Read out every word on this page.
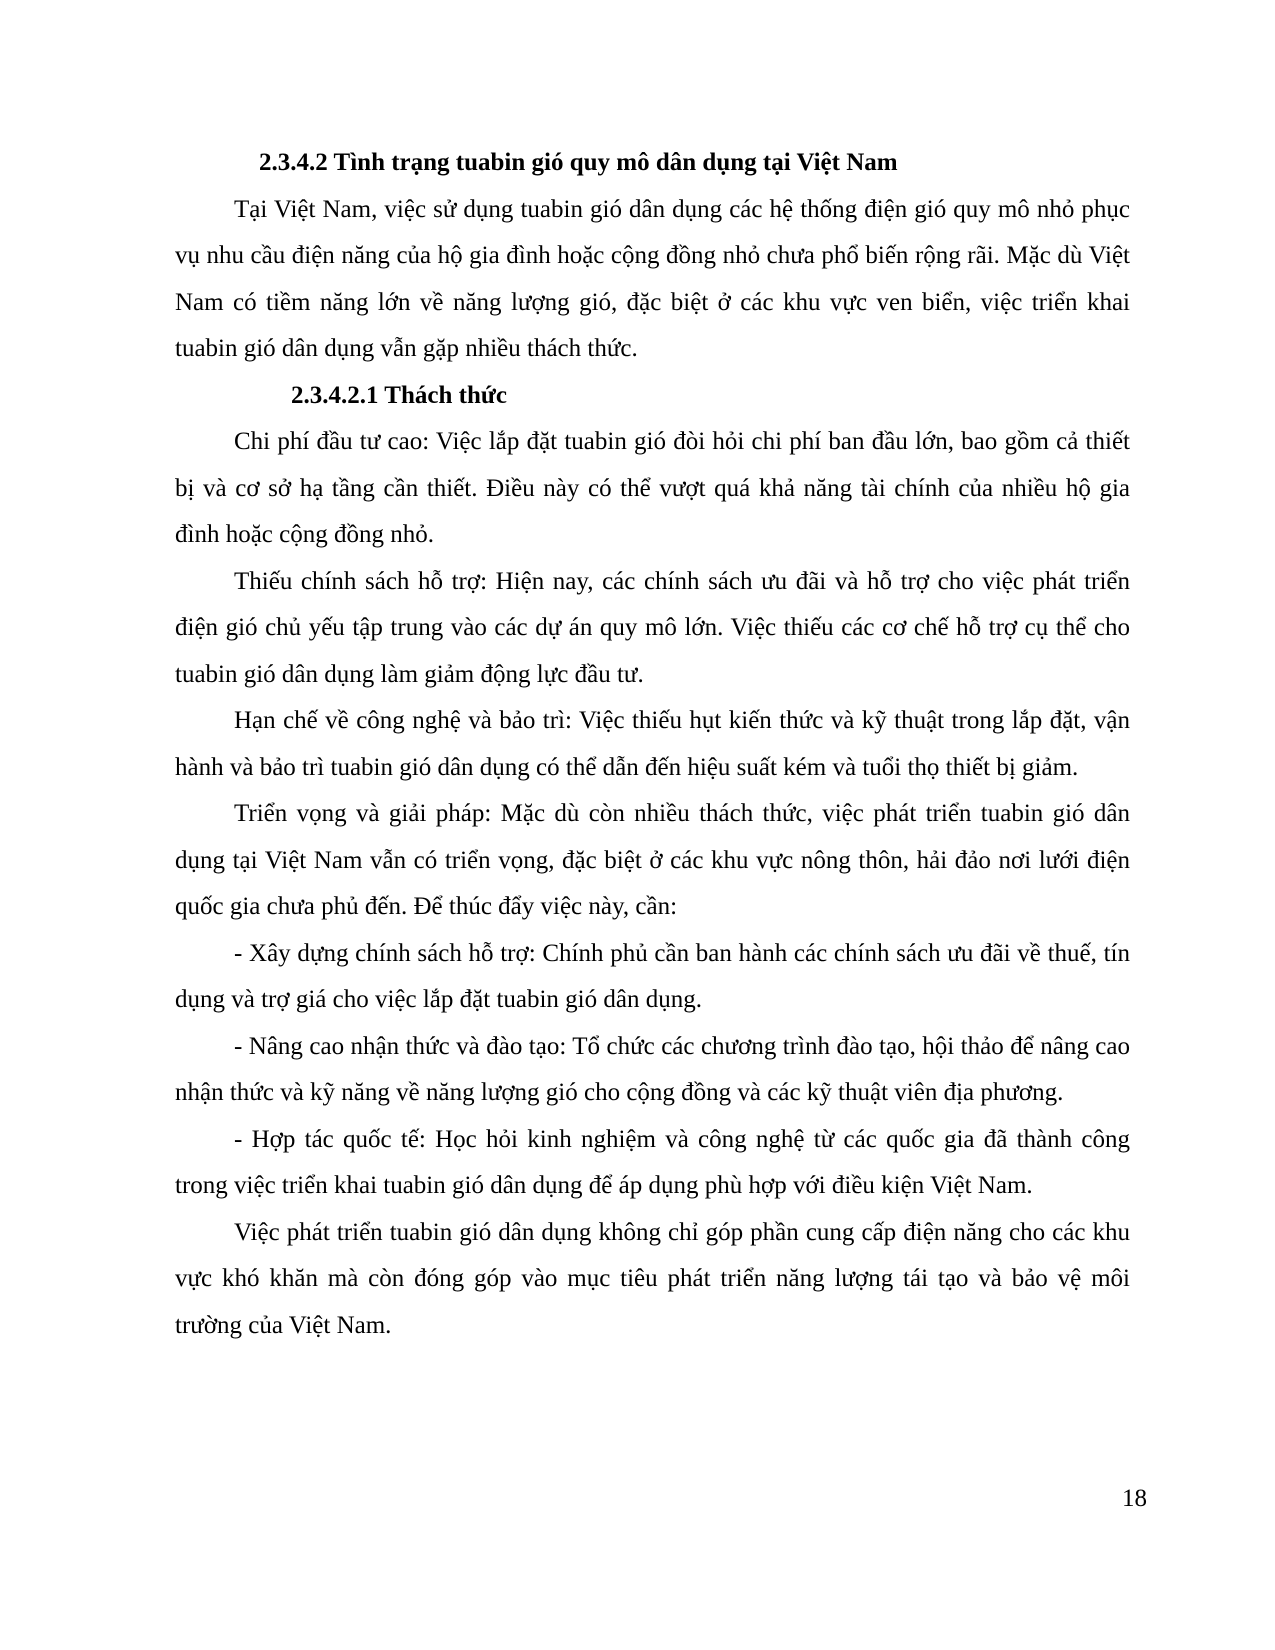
2.3.4.2 Tình trạng tuabin gió quy mô dân dụng tại Việt Nam

Tại Việt Nam, việc sử dụng tuabin gió dân dụng các hệ thống điện gió quy mô nhỏ phục vụ nhu cầu điện năng của hộ gia đình hoặc cộng đồng nhỏ chưa phổ biến rộng rãi. Mặc dù Việt Nam có tiềm năng lớn về năng lượng gió, đặc biệt ở các khu vực ven biển, việc triển khai tuabin gió dân dụng vẫn gặp nhiều thách thức.

2.3.4.2.1 Thách thức

Chi phí đầu tư cao: Việc lắp đặt tuabin gió đòi hỏi chi phí ban đầu lớn, bao gồm cả thiết bị và cơ sở hạ tầng cần thiết. Điều này có thể vượt quá khả năng tài chính của nhiều hộ gia đình hoặc cộng đồng nhỏ.

Thiếu chính sách hỗ trợ: Hiện nay, các chính sách ưu đãi và hỗ trợ cho việc phát triển điện gió chủ yếu tập trung vào các dự án quy mô lớn. Việc thiếu các cơ chế hỗ trợ cụ thể cho tuabin gió dân dụng làm giảm động lực đầu tư.

Hạn chế về công nghệ và bảo trì: Việc thiếu hụt kiến thức và kỹ thuật trong lắp đặt, vận hành và bảo trì tuabin gió dân dụng có thể dẫn đến hiệu suất kém và tuổi thọ thiết bị giảm.

Triển vọng và giải pháp: Mặc dù còn nhiều thách thức, việc phát triển tuabin gió dân dụng tại Việt Nam vẫn có triển vọng, đặc biệt ở các khu vực nông thôn, hải đảo nơi lưới điện quốc gia chưa phủ đến. Để thúc đẩy việc này, cần:

- Xây dựng chính sách hỗ trợ: Chính phủ cần ban hành các chính sách ưu đãi về thuế, tín dụng và trợ giá cho việc lắp đặt tuabin gió dân dụng.

- Nâng cao nhận thức và đào tạo: Tổ chức các chương trình đào tạo, hội thảo để nâng cao nhận thức và kỹ năng về năng lượng gió cho cộng đồng và các kỹ thuật viên địa phương.

- Hợp tác quốc tế: Học hỏi kinh nghiệm và công nghệ từ các quốc gia đã thành công trong việc triển khai tuabin gió dân dụng để áp dụng phù hợp với điều kiện Việt Nam.

Việc phát triển tuabin gió dân dụng không chỉ góp phần cung cấp điện năng cho các khu vực khó khăn mà còn đóng góp vào mục tiêu phát triển năng lượng tái tạo và bảo vệ môi trường của Việt Nam.

18
